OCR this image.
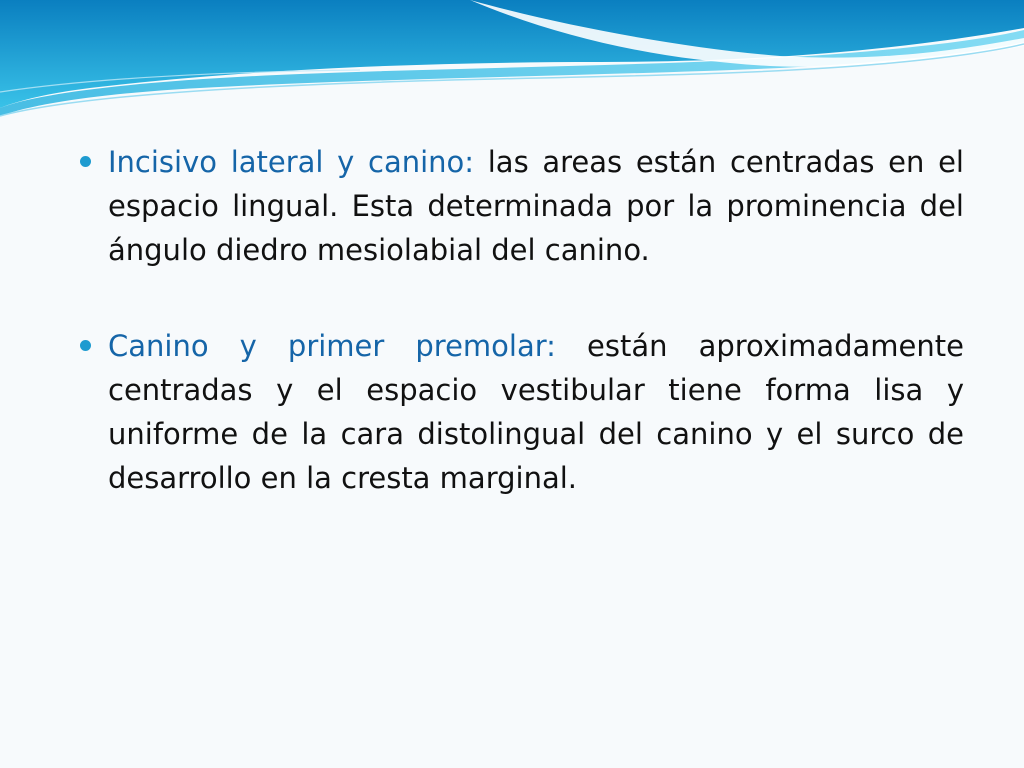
Incisivo lateral y canino: las areas están centradas en el espacio lingual. Esta determinada por la prominencia del ángulo diedro mesiolabial del canino.
Canino y primer premolar: están aproximadamente centradas y el espacio vestibular tiene forma lisa y uniforme de la cara distolingual del canino y el surco de desarrollo en la cresta marginal.
